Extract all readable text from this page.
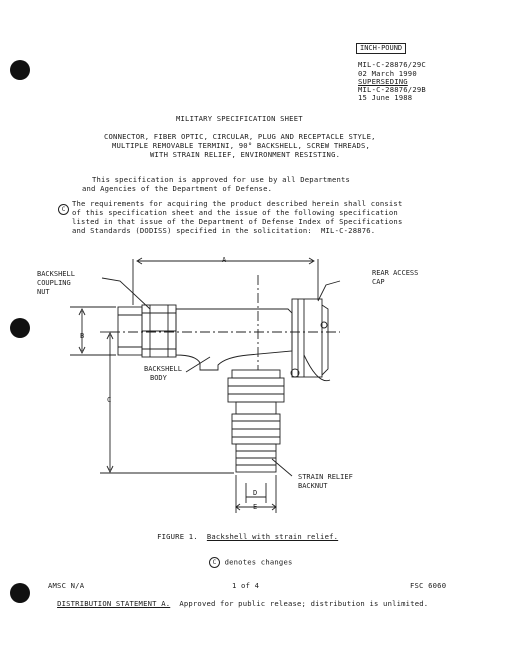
INCH-POUND
MIL-C-28876/29C
02 March 1990
SUPERSEDING
MIL-C-28876/29B
15 June 1988
MILITARY SPECIFICATION SHEET
CONNECTOR, FIBER OPTIC, CIRCULAR, PLUG AND RECEPTACLE STYLE,
MULTIPLE REMOVABLE TERMINI, 90° BACKSHELL, SCREW THREADS,
WITH STRAIN RELIEF, ENVIRONMENT RESISTING.
This specification is approved for use by all Departments
and Agencies of the Department of Defense.
C
The requirements for acquiring the product described herein shall consist
of this specification sheet and the issue of the following specification
listed in that issue of the Department of Defense Index of Specifications
and Standards (DODISS) specified in the solicitation:  MIL-C-28876.
BACKSHELL
COUPLING
NUT
REAR ACCESS
CAP
BACKSHELL
BODY
STRAIN RELIEF
BACKNUT
A
B
C
D
E

FIGURE 1. Backshell with strain relief.

C denotes changes

AMSC N/A	1 of 4	FSC 6060

DISTRIBUTION STATEMENT A. Approved for public release; distribution is unlimited.
